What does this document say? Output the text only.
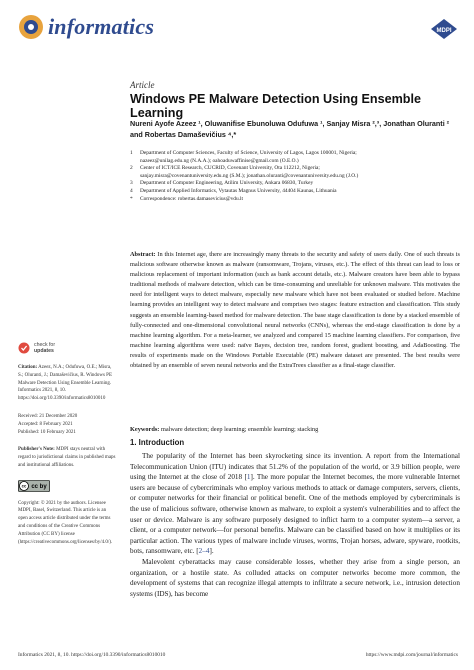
informatics	MDPI
Article
Windows PE Malware Detection Using Ensemble Learning
Nureni Ayofe Azeez ¹, Oluwanifise Ebunoluwa Odufuwa ¹, Sanjay Misra ²,³, Jonathan Oluranti ²
and Robertas Damaševičius ⁴,*
1	Department of Computer Sciences, Faculty of Science, University of Lagos, Lagos 100001, Nigeria;
nazeez@unilag.edu.ng (N.A.A.); oahoaduwaffinise@gmail.com (O.E.O.)
2	Center of ICT/ICE Research, CUCRID, Covenant University, Ota 112212, Nigeria;
sanjay.misra@covenantuniversity.edu.ng (S.M.); jonathan.oluranti@covenantuniversity.edu.ng (J.O.)
3	Department of Computer Engineering, Atilim University, Ankara 06830, Turkey
4	Department of Applied Informatics, Vytautas Magnus University, 44404 Kaunas, Lithuania
*	Correspondence: robertas.damasevicius@vdu.lt
Abstract: In this Internet age, there are increasingly many threats to the security and safety of users daily. One of such threats is malicious software otherwise known as malware (ransomware, Trojans, viruses, etc.). The effect of this threat can lead to loss or malicious replacement of important information (such as bank account details, etc.). Malware creators have been able to bypass traditional methods of malware detection, which can be time-consuming and unreliable for unknown malware. This motivates the need for intelligent ways to detect malware, especially new malware which have not been evaluated or studied before. Machine learning provides an intelligent way to detect malware and comprises two stages: feature extraction and classification. This study suggests an ensemble learning-based method for malware detection. The base stage classification is done by a stacked ensemble of fully-connected and one-dimensional convolutional neural networks (CNNs), whereas the end-stage classification is done by a machine learning algorithm. For a meta-learner, we analyzed and compared 15 machine learning classifiers. For comparison, five machine learning algorithms were used: naïve Bayes, decision tree, random forest, gradient boosting, and AdaBoosting. The results of experiments made on the Windows Portable Executable (PE) malware dataset are presented. The best results were obtained by an ensemble of seven neural networks and the ExtraTrees classifier as a final-stage classifier.
Keywords: malware detection; deep learning; ensemble learning; stacking
check for
updates
Citation: Azeez, N.A.; Odufuwa, O.E.; Misra, S.; Oluranti, J.; Damaševičius, R. Windows PE Malware Detection Using Ensemble Learning. Informatics 2021, 8, 10. https://doi.org/10.3390/informatics8010010
Received: 21 December 2020
Accepted: 8 February 2021
Published: 10 February 2021
Publisher's Note: MDPI stays neutral with regard to jurisdictional claims in published maps and institutional affiliations.
cc cc by
Copyright: © 2021 by the authors. Licensee MDPI, Basel, Switzerland. This article is an open access article distributed under the terms and conditions of the Creative Commons Attribution (CC BY) license (https://creativecommons.org/licenses/by/4.0/).
1. Introduction

The popularity of the Internet has been skyrocketing since its invention. A report from the International Telecommunication Union (ITU) indicates that 51.2% of the population of the world, or 3.9 billion people, were using the Internet at the close of 2018 [1]. The more popular the Internet becomes, the more vulnerable Internet users are because of cybercriminals who employ various methods to attack or damage computers, servers, clients, or computer networks for their financial or political benefit. One of the methods employed by cybercriminals is the use of malicious software, otherwise known as malware, to exploit a system's vulnerabilities and to affect the user or device. Malware is any software purposely designed to inflict harm to a computer system—a server, a client, or a computer network—for personal benefits. Malware can be classified based on how it multiplies or its particular action. The various types of malware include viruses, worms, Trojan horses, adware, spyware, rootkits, bots, ransomware, etc. [2–4].

Malevolent cyberattacks may cause considerable losses, whether they arise from a single person, an organization, or a hostile state. As colluded attacks on computer networks become more common, the development of systems that can recognize illegal attempts to infiltrate a secure network, i.e., intrusion detection systems (IDS), has become

Informatics 2021, 8, 10. https://doi.org/10.3390/informatics8010010	https://www.mdpi.com/journal/informatics
